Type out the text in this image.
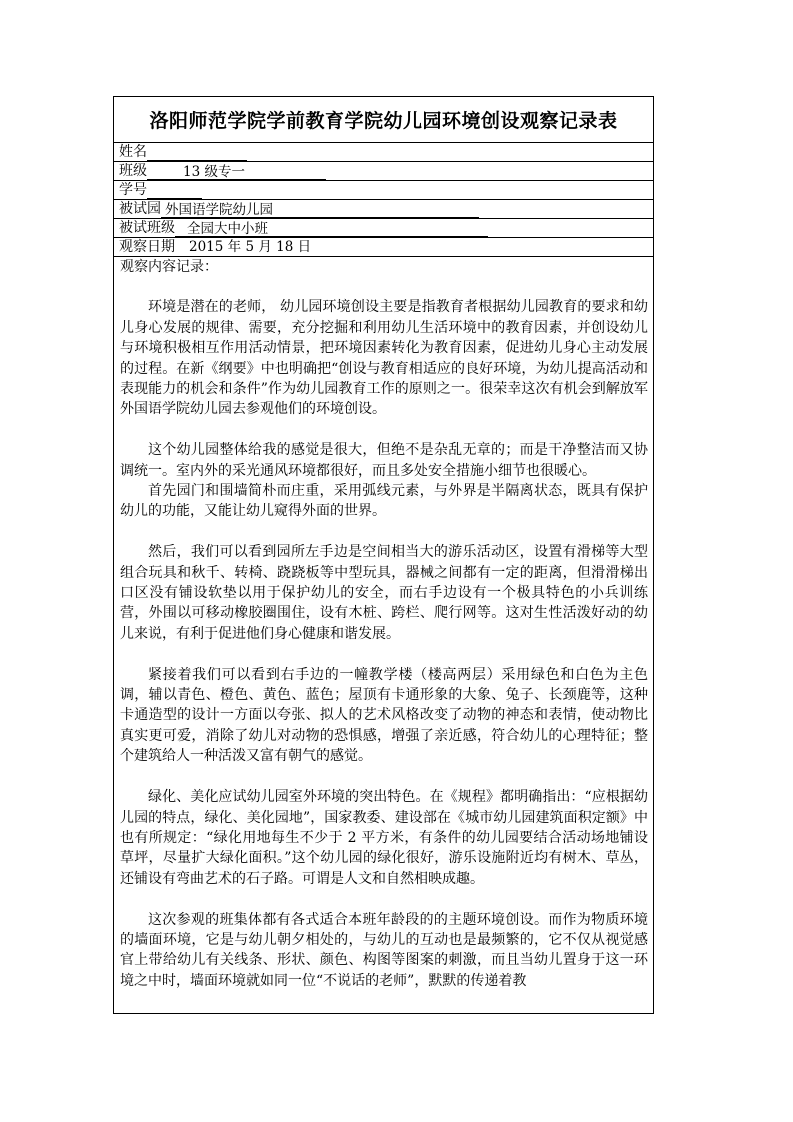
洛阳师范学院学前教育学院幼儿园环境创设观察记录表
姓名
班级	13 级专一
学号
被试园 外国语学院幼儿园
被试班级 全园大中小班
观察日期	2015 年 5 月 18 日
观察内容记录：

环境是潜在的老师， 幼儿园环境创设主要是指教育者根据幼儿园教育的要求和幼儿身心发展的规律、需要，充分挖掘和利用幼儿生活环境中的教育因素，并创设幼儿与环境积极相互作用活动情景，把环境因素转化为教育因素，促进幼儿身心主动发展的过程。在新《纲要》中也明确把“创设与教育相适应的良好环境，为幼儿提高活动和表现能力的机会和条件”作为幼儿园教育工作的原则之一。很荣幸这次有机会到解放军外国语学院幼儿园去参观他们的环境创设。

这个幼儿园整体给我的感觉是很大，但绝不是杂乱无章的；而是干净整洁而又协调统一。室内外的采光通风环境都很好，而且多处安全措施小细节也很暖心。

首先园门和围墙简朴而庄重，采用弧线元素，与外界是半隔离状态，既具有保护幼儿的功能，又能让幼儿窥得外面的世界。

然后，我们可以看到园所左手边是空间相当大的游乐活动区，设置有滑梯等大型组合玩具和秋千、转椅、跷跷板等中型玩具，器械之间都有一定的距离，但滑滑梯出口区没有铺设软垫以用于保护幼儿的安全，而右手边设有一个极具特色的小兵训练营，外围以可移动橡胶圈围住，设有木桩、跨栏、爬行网等。这对生性活泼好动的幼儿来说，有利于促进他们身心健康和谐发展。

紧接着我们可以看到右手边的一幢教学楼（楼高两层）采用绿色和白色为主色调，辅以青色、橙色、黄色、蓝色；屋顶有卡通形象的大象、兔子、长颈鹿等，这种卡通造型的设计一方面以夸张、拟人的艺术风格改变了动物的神态和表情，使动物比真实更可爱，消除了幼儿对动物的恐惧感，增强了亲近感，符合幼儿的心理特征；整个建筑给人一种活泼又富有朝气的感觉。

绿化、美化应试幼儿园室外环境的突出特色。在《规程》都明确指出：“应根据幼儿园的特点，绿化、美化园地”，国家教委、建设部在《城市幼儿园建筑面积定额》中也有所规定：“绿化用地每生不少于 2 平方米，有条件的幼儿园要结合活动场地铺设草坪，尽量扩大绿化面积。”这个幼儿园的绿化很好，游乐设施附近均有树木、草丛，还铺设有弯曲艺术的石子路。可谓是人文和自然相映成趣。

这次参观的班集体都有各式适合本班年龄段的的主题环境创设。而作为物质环境的墙面环境，它是与幼儿朝夕相处的，与幼儿的互动也是最频繁的，它不仅从视觉感官上带给幼儿有关线条、形状、颜色、构图等图案的刺激，而且当幼儿置身于这一环境之中时，墙面环境就如同一位“不说话的老师”，默默的传递着教
